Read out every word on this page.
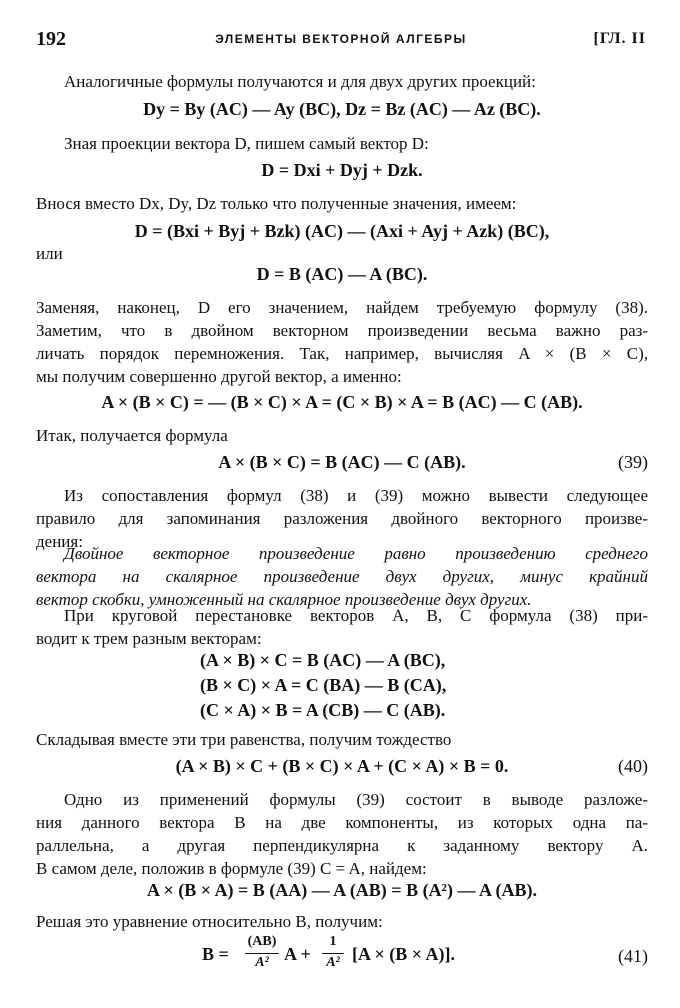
192	ЭЛЕМЕНТЫ ВЕКТОРНОЙ АЛГЕБРЫ	[ГЛ. II
Аналогичные формулы получаются и для двух других проекций:
Dy = By (AC) — Ay (BC), Dz = Bz (AC) — Az (BC).
Зная проекции вектора D, пишем самый вектор D:
D = Dxi + Dyj + Dzk.
Внося вместо Dx, Dy, Dz только что полученные значения, имеем:
D = (Bxi + Byj + Bzk) (AC) — (Axi + Ayj + Azk) (BC),
или
D = B (AC) — A (BC).
Заменяя, наконец, D его значением, найдем требуемую формулу (38).
Заметим, что в двойном векторном произведении весьма важно раз-
личать порядок перемножения. Так, например, вычисляя A × (B × C),
мы получим совершенно другой вектор, а именно:
A × (B × C) = — (B × C) × A = (C × B) × A = B (AC) — C (AB).
Итак, получается формула
A × (B × C) = B (AC) — C (AB).	(39)
Из сопоставления формул (38) и (39) можно вывести следующее
правило для запоминания разложения двойного векторного произве-
дения:
Двойное векторное произведение равно произведению среднего
вектора на скалярное произведение двух других, минус крайний
вектор скобки, умноженный на скалярное произведение двух других.
При круговой перестановке векторов A, B, C формула (38) при-
водит к трем разным векторам:
(A × B) × C = B (AC) — A (BC),
(B × C) × A = C (BA) — B (CA),
(C × A) × B = A (CB) — C (AB).
Складывая вместе эти три равенства, получим тождество
(A × B) × C + (B × C) × A + (C × A) × B = 0.	(40)
Одно из применений формулы (39) состоит в выводе разложе-
ния данного вектора B на две компоненты, из которых одна па-
раллельна, а другая перпендикулярна к заданному вектору A.
В самом деле, положив в формуле (39) C = A, найдем:
A × (B × A) = B (AA) — A (AB) = B (A²) — A (AB).
Решая это уравнение относительно B, получим:
B =
(AB)
A² A +
1
A² [A × (B × A)].	(41)
